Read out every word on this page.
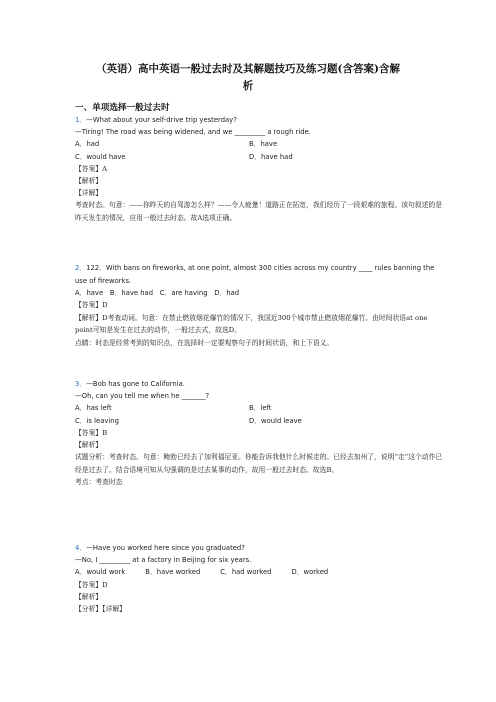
（英语）高中英语一般过去时及其解题技巧及练习题(含答案)含解
析
一、单项选择一般过去时
1．—What about your self-drive trip yesterday?
—Tiring! The road was being widened, and we _________ a rough ride.
A．had	B．have
C．would have	D．have had
【答案】A
【解析】
【详解】
考查时态。句意：——你昨天的自驾游怎么样？——令人疲惫！道路正在拓宽，我们经历了一段艰难的旅程。该句叙述的是昨天发生的情况，应用一般过去时态。故A选项正确。
2．122．With bans on fireworks, at one point, almost 300 cities across my country ____ rules banning the use of fireworks.
A．have　B．have had　C．are having　D．had
【答案】D
【解析】D考查动词。句意：在禁止燃放烟花爆竹的情况下，我国近300个城市禁止燃放烟花爆竹。由时间状语at one point可知是发生在过去的动作，一般过去式，故选D。
点睛：时态是经常考到的知识点，在选择时一定要观察句子的时间状语，和上下语义。
3．—Bob has gone to California.
—Oh, can you tell me when he _______?
A．has left	B．left
C．is leaving	D．would leave
【答案】B
【解析】
试题分析：考查时态。句意：鲍勃已经去了加利福尼亚。你能告诉我他什么时候走的。已经去加州了，说明“走”这个动作已经是过去了。结合语境可知从句强调的是过去某事的动作，故用一般过去时态。故选B。
考点：考查时态
4．—Have you worked here since you graduated?
—No, I _________ at a factory in Beijing for six years.
A．would work	B．have worked	C．had worked	D．worked
【答案】D
【解析】
【分析】【详解】
